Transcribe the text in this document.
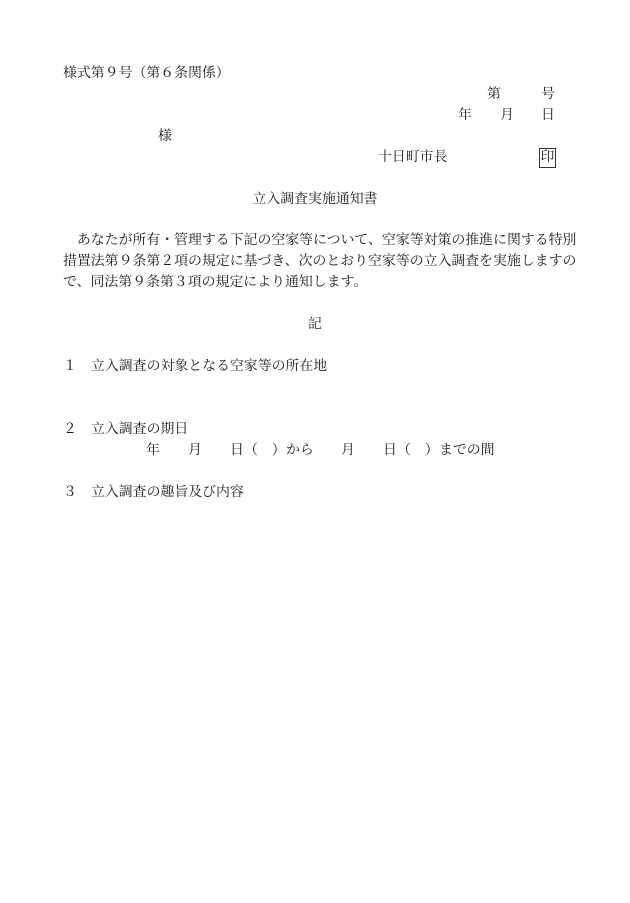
様式第９号（第６条関係）
第	号
年 月 日
様
十日町市長	印
立入調査実施通知書
　あなたが所有・管理する下記の空家等について、空家等対策の推進に関する特別
措置法第９条第２項の規定に基づき、次のとおり空家等の立入調査を実施しますの
で、同法第９条第３項の規定により通知します。
記
１ 立入調査の対象となる空家等の所在地
２ 立入調査の期日
年 月 日 （　） から 月 日 （　） までの間
３ 立入調査の趣旨及び内容
